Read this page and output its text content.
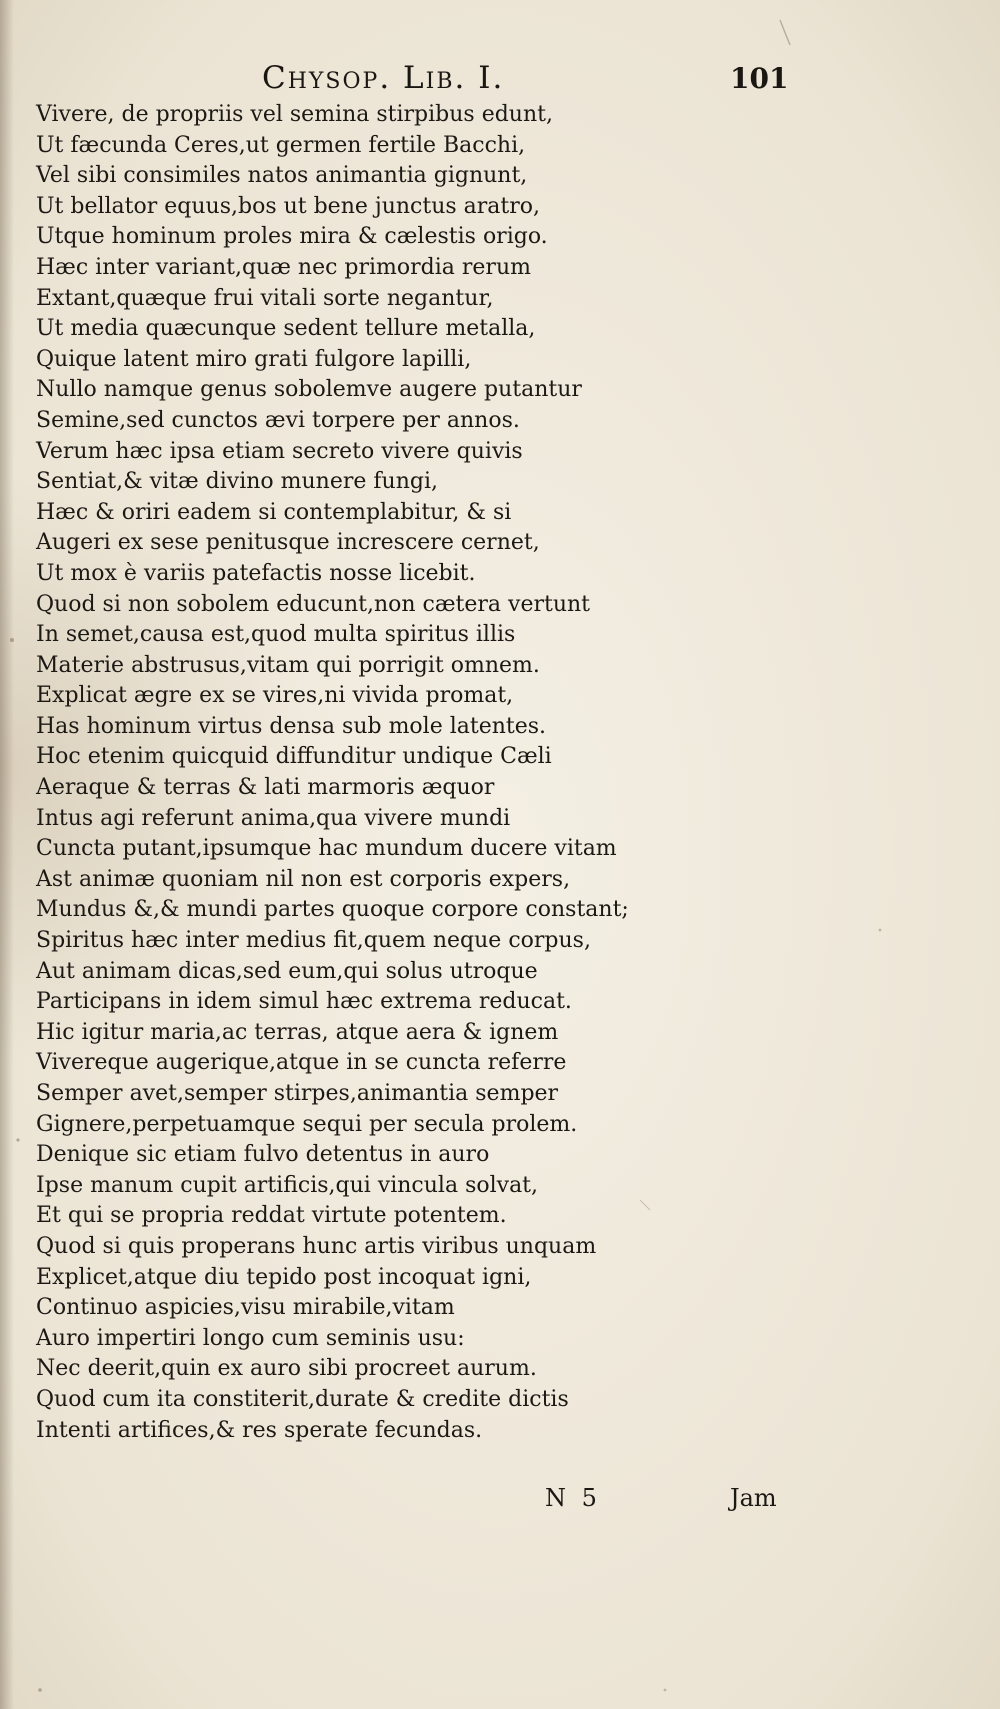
Chysop. Lib. I.	101
Vivere, de propriis vel semina stirpibus edunt,
Ut fæcunda Ceres,ut germen fertile Bacchi,
Vel sibi consimiles natos animantia gignunt,
Ut bellator equus,bos ut bene junctus aratro,
Utque hominum proles mira & cælestis origo.
Hæc inter variant,quæ nec primordia rerum
Extant,quæque frui vitali sorte negantur,
Ut media quæcunque sedent tellure metalla,
Quique latent miro grati fulgore lapilli,
Nullo namque genus sobolemve augere putantur
Semine,sed cunctos ævi torpere per annos.
Verum hæc ipsa etiam secreto vivere quivis
Sentiat,& vitæ divino munere fungi,
Hæc & oriri eadem si contemplabitur, & si
Augeri ex sese penitusque increscere cernet,
Ut mox è variis patefactis nosse licebit.
Quod si non sobolem educunt,non cætera vertunt
In semet,causa est,quod multa spiritus illis
Materie abstrusus,vitam qui porrigit omnem.
Explicat ægre ex se vires,ni vivida promat,
Has hominum virtus densa sub mole latentes.
Hoc etenim quicquid diffunditur undique Cæli
Aeraque & terras & lati marmoris æquor
Intus agi referunt anima,qua vivere mundi
Cuncta putant,ipsumque hac mundum ducere vitam
Ast animæ quoniam nil non est corporis expers,
Mundus &,& mundi partes quoque corpore constant;
Spiritus hæc inter medius fit,quem neque corpus,
Aut animam dicas,sed eum,qui solus utroque
Participans in idem simul hæc extrema reducat.
Hic igitur maria,ac terras, atque aera & ignem
Vivereque augerique,atque in se cuncta referre
Semper avet,semper stirpes,animantia semper
Gignere,perpetuamque sequi per secula prolem.
Denique sic etiam fulvo detentus in auro
Ipse manum cupit artificis,qui vincula solvat,
Et qui se propria reddat virtute potentem.
Quod si quis properans hunc artis viribus unquam
Explicet,atque diu tepido post incoquat igni,
Continuo aspicies,visu mirabile,vitam
Auro impertiri longo cum seminis usu:
Nec deerit,quin ex auro sibi procreet aurum.
Quod cum ita constiterit,durate & credite dictis
Intenti artifices,& res sperate fecundas.
N 5	Jam
